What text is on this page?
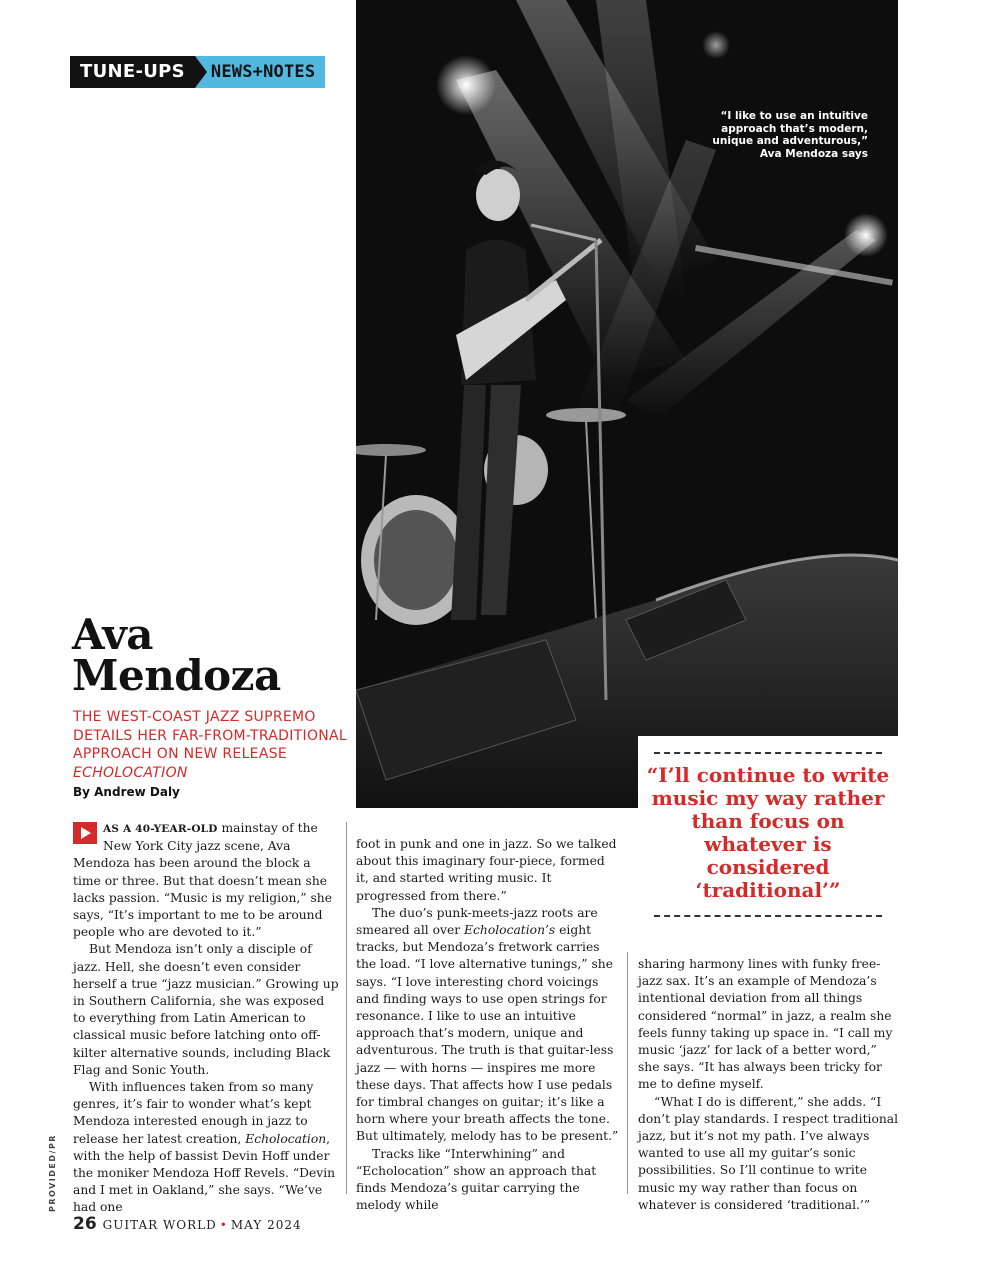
TUNE-UPS	NEWS+NOTES
“I like to use an intuitive approach that’s modern, unique and adventurous,” Ava Mendoza says
Ava
Mendoza
THE WEST-COAST JAZZ SUPREMO DETAILS HER FAR-FROM-TRADITIONAL APPROACH ON NEW RELEASE ECHOLOCATION
By Andrew Daly
“I’ll continue to write music my way rather than focus on whatever is considered ‘traditional’”

AS A 40-YEAR-OLD mainstay of the New York City jazz scene, Ava Mendoza has been around the block a time or three. But that doesn’t mean she lacks passion. “Music is my religion,” she says, “It’s important to me to be around people who are devoted to it.”

But Mendoza isn’t only a disciple of jazz. Hell, she doesn’t even consider herself a true “jazz musician.” Growing up in Southern California, she was exposed to everything from Latin American to classical music before latching onto off-kilter alternative sounds, including Black Flag and Sonic Youth.

With influences taken from so many genres, it’s fair to wonder what’s kept Mendoza interested enough in jazz to release her latest creation, Echolocation, with the help of bassist Devin Hoff under the moniker Mendoza Hoff Revels. “Devin and I met in Oakland,” she says. “We’ve had one

foot in punk and one in jazz. So we talked about this imaginary four-piece, formed it, and started writing music. It progressed from there.”

The duo’s punk-meets-jazz roots are smeared all over Echolocation’s eight tracks, but Mendoza’s fretwork carries the load. “I love alternative tunings,” she says. “I love interesting chord voicings and finding ways to use open strings for resonance. I like to use an intuitive approach that’s modern, unique and adventurous. The truth is that guitar-less jazz — with horns — inspires me more these days. That affects how I use pedals for timbral changes on guitar; it’s like a horn where your breath affects the tone. But ultimately, melody has to be present.”

Tracks like “Interwhining” and “Echolocation” show an approach that finds Mendoza’s guitar carrying the melody while

sharing harmony lines with funky free-jazz sax. It’s an example of Mendoza’s intentional deviation from all things considered “normal” in jazz, a realm she feels funny taking up space in. “I call my music ‘jazz’ for lack of a better word,” she says. “It has always been tricky for me to define myself.

“What I do is different,” she adds. “I don’t play standards. I respect traditional jazz, but it’s not my path. I’ve always wanted to use all my guitar’s sonic possibilities. So I’ll continue to write music my way rather than focus on whatever is considered ‘traditional.’”

PROVIDED/PR
26 GUITAR WORLD • MAY 2024
